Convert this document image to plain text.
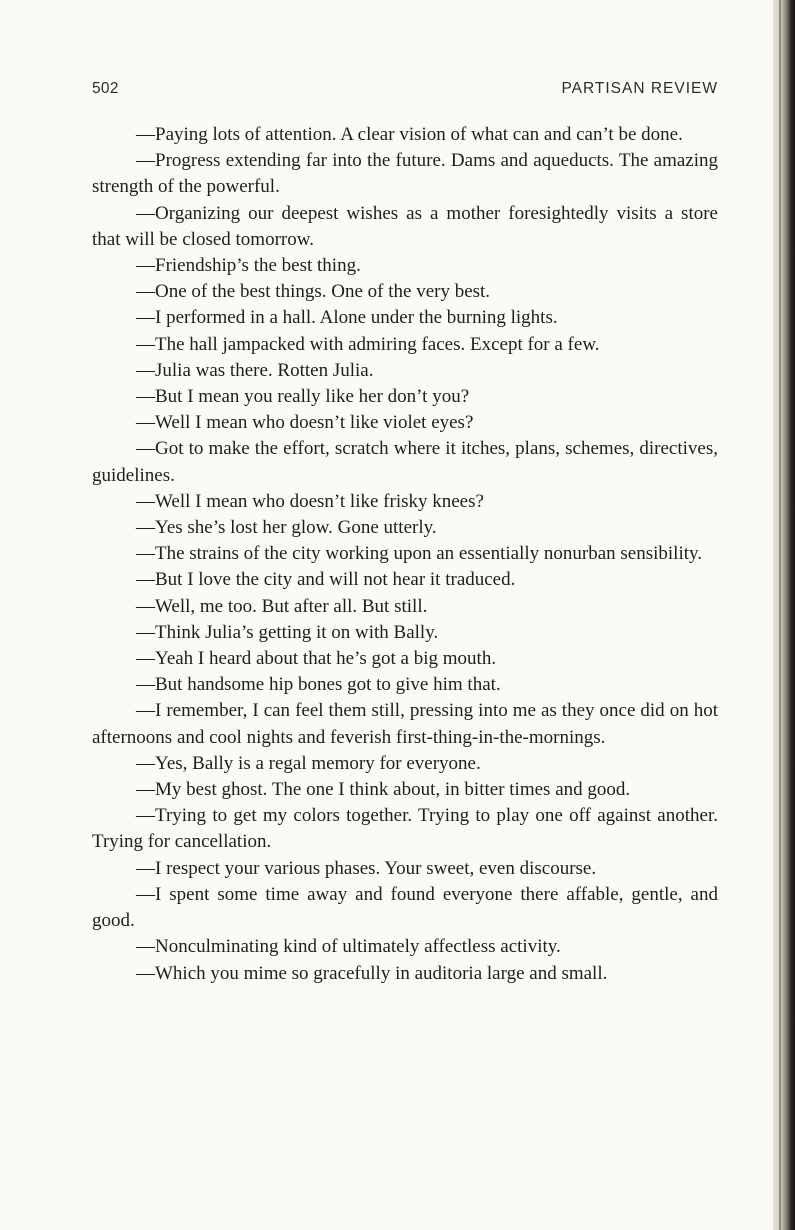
502	PARTISAN REVIEW

—Paying lots of attention. A clear vision of what can and can’t be done.

—Progress extending far into the future. Dams and aqueducts. The amazing strength of the powerful.

—Organizing our deepest wishes as a mother foresightedly visits a store that will be closed tomorrow.

—Friendship’s the best thing.

—One of the best things. One of the very best.

—I performed in a hall. Alone under the burning lights.

—The hall jampacked with admiring faces. Except for a few.

—Julia was there. Rotten Julia.

—But I mean you really like her don’t you?

—Well I mean who doesn’t like violet eyes?

—Got to make the effort, scratch where it itches, plans, schemes, directives, guidelines.

—Well I mean who doesn’t like frisky knees?

—Yes she’s lost her glow. Gone utterly.

—The strains of the city working upon an essentially nonurban sensibility.

—But I love the city and will not hear it traduced.

—Well, me too. But after all. But still.

—Think Julia’s getting it on with Bally.

—Yeah I heard about that he’s got a big mouth.

—But handsome hip bones got to give him that.

—I remember, I can feel them still, pressing into me as they once did on hot afternoons and cool nights and feverish first-thing-in-the-mornings.

—Yes, Bally is a regal memory for everyone.

—My best ghost. The one I think about, in bitter times and good.

—Trying to get my colors together. Trying to play one off against another. Trying for cancellation.

—I respect your various phases. Your sweet, even discourse.

—I spent some time away and found everyone there affable, gentle, and good.

—Nonculminating kind of ultimately affectless activity.

—Which you mime so gracefully in auditoria large and small.
